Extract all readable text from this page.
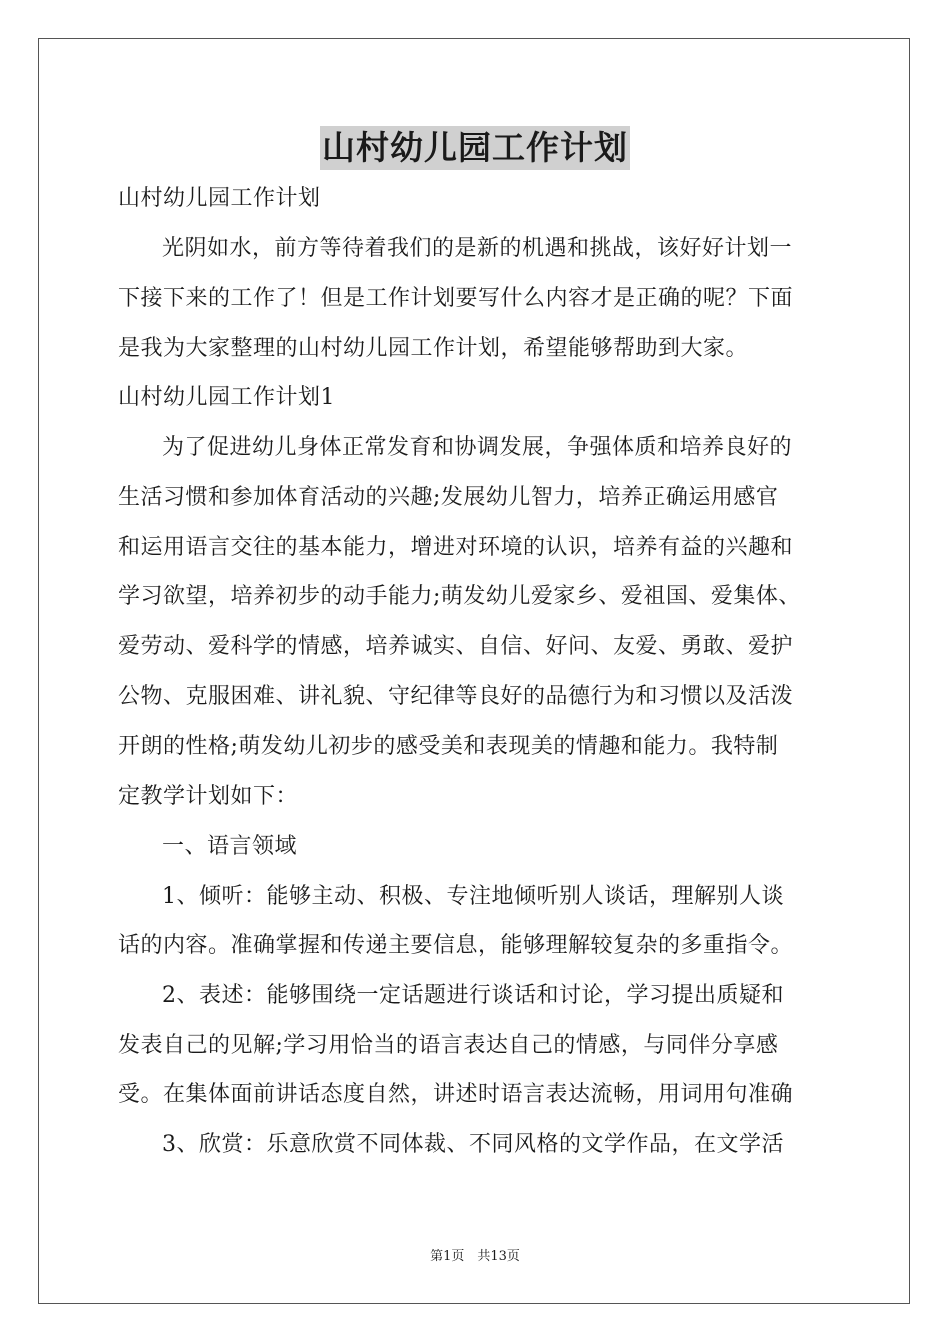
山村幼儿园工作计划
山村幼儿园工作计划
光阴如水，前方等待着我们的是新的机遇和挑战，该好好计划一
下接下来的工作了！但是工作计划要写什么内容才是正确的呢？下面
是我为大家整理的山村幼儿园工作计划，希望能够帮助到大家。
山村幼儿园工作计划1
为了促进幼儿身体正常发育和协调发展，争强体质和培养良好的
生活习惯和参加体育活动的兴趣;发展幼儿智力，培养正确运用感官
和运用语言交往的基本能力，增进对环境的认识，培养有益的兴趣和
学习欲望，培养初步的动手能力;萌发幼儿爱家乡、爱祖国、爱集体、
爱劳动、爱科学的情感，培养诚实、自信、好问、友爱、勇敢、爱护
公物、克服困难、讲礼貌、守纪律等良好的品德行为和习惯以及活泼
开朗的性格;萌发幼儿初步的感受美和表现美的情趣和能力。我特制
定教学计划如下：
一、语言领域
1、倾听：能够主动、积极、专注地倾听别人谈话，理解别人谈
话的内容。准确掌握和传递主要信息，能够理解较复杂的多重指令。
2、表述：能够围绕一定话题进行谈话和讨论，学习提出质疑和
发表自己的见解;学习用恰当的语言表达自己的情感，与同伴分享感
受。在集体面前讲话态度自然，讲述时语言表达流畅，用词用句准确
3、欣赏：乐意欣赏不同体裁、不同风格的文学作品，在文学活
第1页　共13页
